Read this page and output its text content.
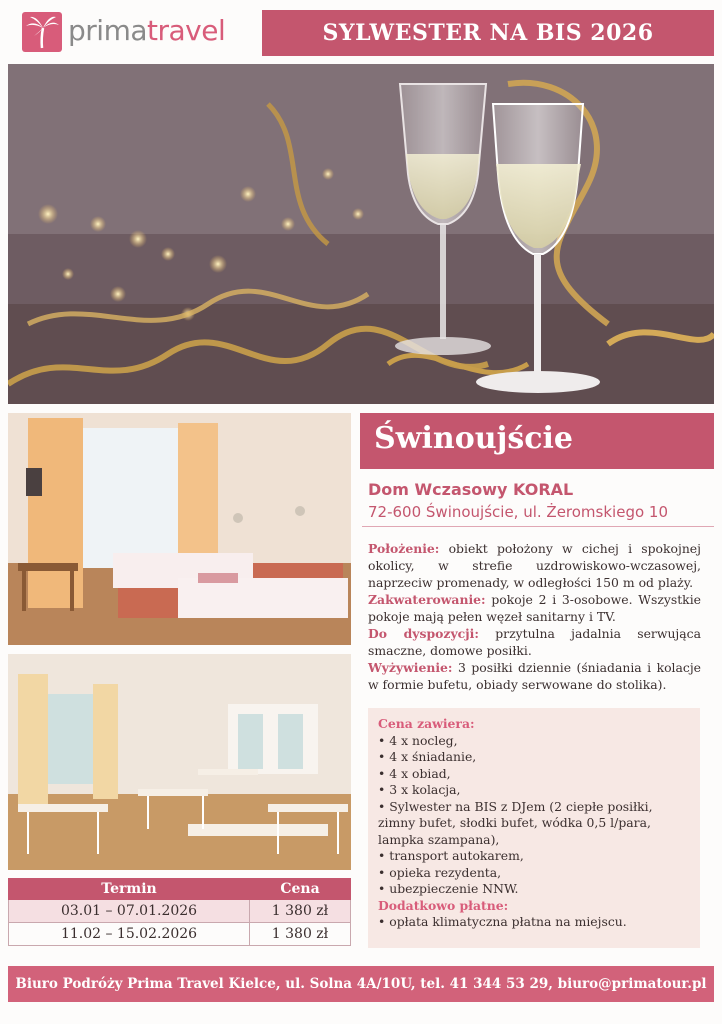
primatravel	SYLWESTER NA BIS 2026
Świnoujście
Dom Wczasowy KORAL
72-600 Świnoujście, ul. Żeromskiego 10

Położenie: obiekt położony w cichej i spokojnej okolicy, w strefie uzdrowiskowo-wczasowej, naprzeciw promenady, w odległości 150 m od plaży.

Zakwaterowanie: pokoje 2 i 3-osobowe. Wszystkie pokoje mają pełen węzeł sanitarny i TV.

Do dyspozycji: przytulna jadalnia serwująca smaczne, domowe posiłki.

Wyżywienie: 3 posiłki dziennie (śniadania i kolacje w formie bufetu, obiady serwowane do stolika).

Cena zawiera:
• 4 x nocleg,
• 4 x śniadanie,
• 4 x obiad,
• 3 x kolacja,
• Sylwester na BIS z DJem (2 ciepłe posiłki, zimny bufet, słodki bufet, wódka 0,5 l/para, lampka szampana),
• transport autokarem,
• opieka rezydenta,
• ubezpieczenie NNW.
Dodatkowo płatne:
• opłata klimatyczna płatna na miejscu.
Termin	Cena
03.01 – 07.01.2026	1 380 zł
11.02 – 15.02.2026	1 380 zł
Biuro Podróży Prima Travel Kielce, ul. Solna 4A/10U, tel. 41 344 53 29, biuro@primatour.pl
